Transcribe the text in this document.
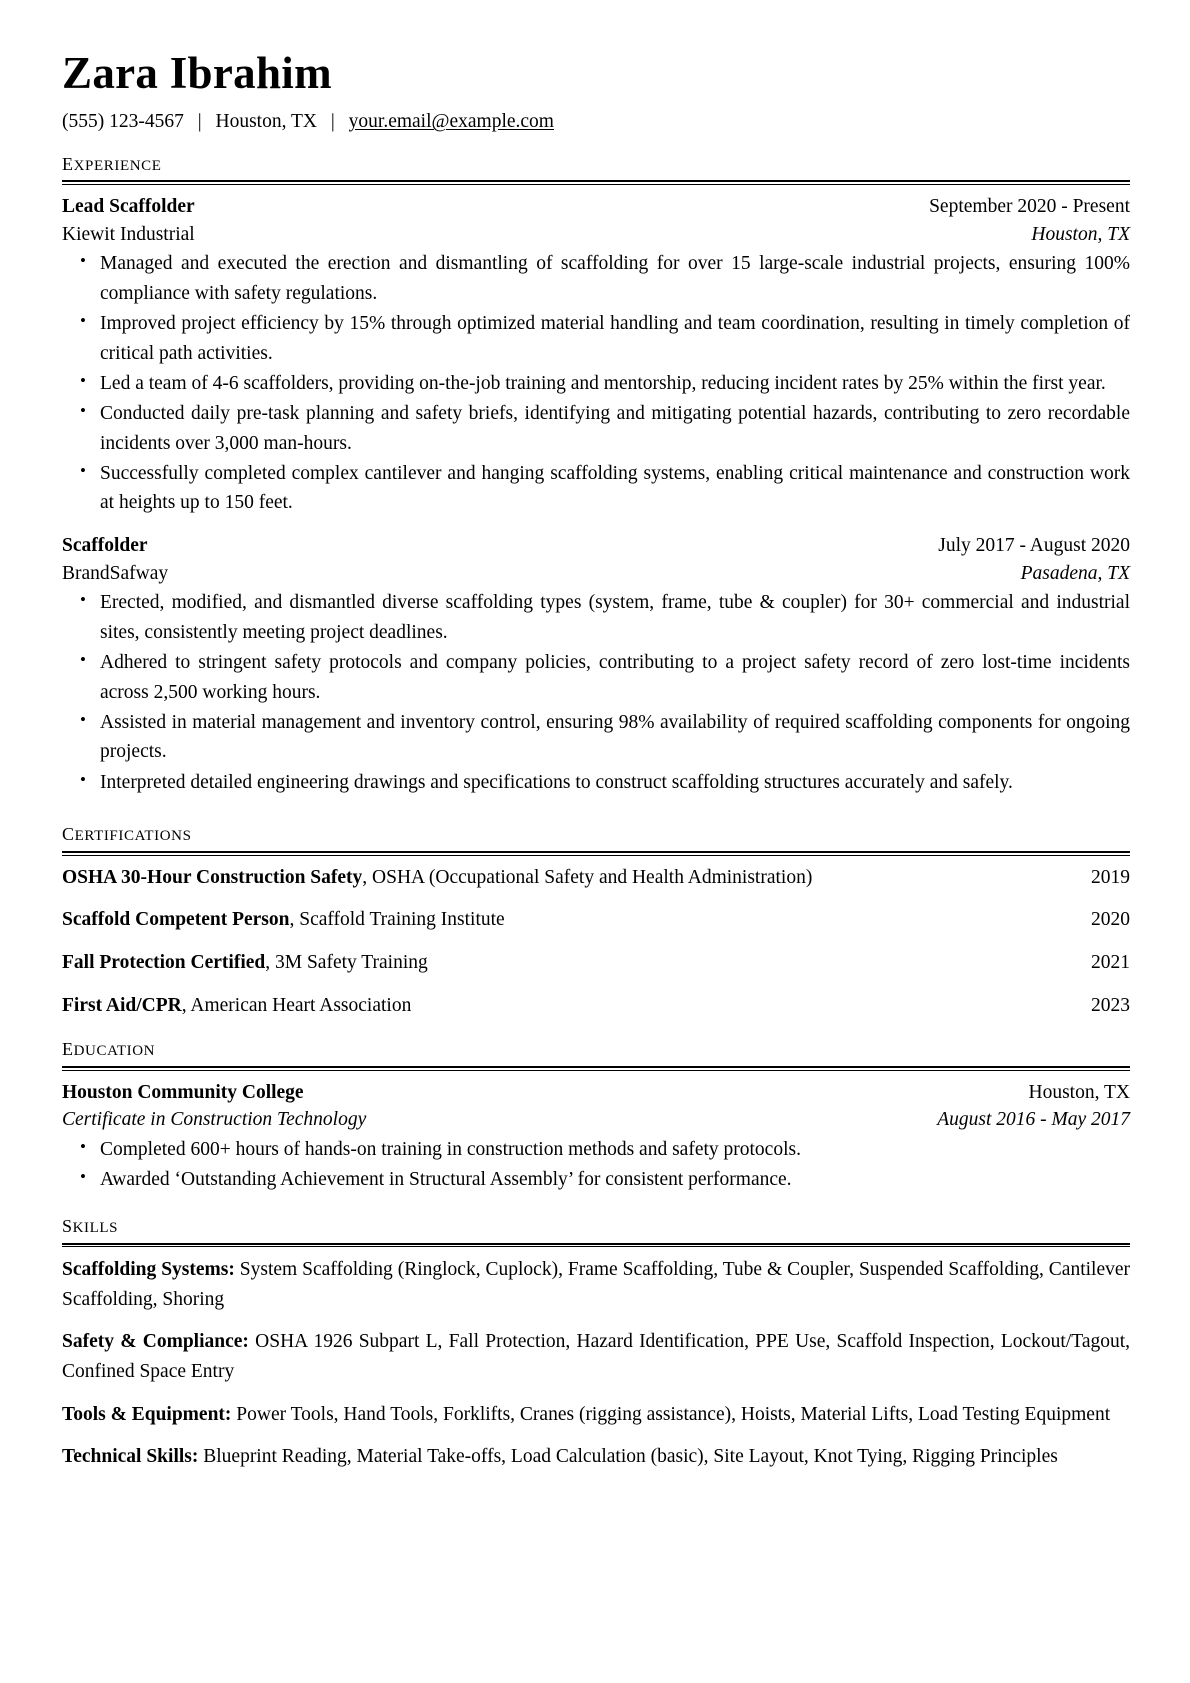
Zara Ibrahim
(555) 123-4567 | Houston, TX | your.email@example.com
experience
Lead Scaffolder	September 2020 - Present
Kiewit Industrial	Houston, TX
• Managed and executed the erection and dismantling of scaffolding for over 15 large-scale industrial projects, ensuring 100% compliance with safety regulations.
• Improved project efficiency by 15% through optimized material handling and team coordination, resulting in timely completion of critical path activities.
• Led a team of 4-6 scaffolders, providing on-the-job training and mentorship, reducing incident rates by 25% within the first year.
• Conducted daily pre-task planning and safety briefs, identifying and mitigating potential hazards, contributing to zero recordable incidents over 3,000 man-hours.
• Successfully completed complex cantilever and hanging scaffolding systems, enabling critical maintenance and construction work at heights up to 150 feet.
Scaffolder	July 2017 - August 2020
BrandSafway	Pasadena, TX
• Erected, modified, and dismantled diverse scaffolding types (system, frame, tube & coupler) for 30+ commercial and industrial sites, consistently meeting project deadlines.
• Adhered to stringent safety protocols and company policies, contributing to a project safety record of zero lost-time incidents across 2,500 working hours.
• Assisted in material management and inventory control, ensuring 98% availability of required scaffolding components for ongoing projects.
• Interpreted detailed engineering drawings and specifications to construct scaffolding structures accurately and safely.
certifications
OSHA 30-Hour Construction Safety, OSHA (Occupational Safety and Health Administration)	2019
Scaffold Competent Person, Scaffold Training Institute	2020
Fall Protection Certified, 3M Safety Training	2021
First Aid/CPR, American Heart Association	2023
education
Houston Community College	Houston, TX
Certificate in Construction Technology	August 2016 - May 2017
• Completed 600+ hours of hands-on training in construction methods and safety protocols.
• Awarded ‘Outstanding Achievement in Structural Assembly’ for consistent performance.
skills
Scaffolding Systems: System Scaffolding (Ringlock, Cuplock), Frame Scaffolding, Tube & Coupler, Suspended Scaffolding, Cantilever Scaffolding, Shoring
Safety & Compliance: OSHA 1926 Subpart L, Fall Protection, Hazard Identification, PPE Use, Scaffold Inspection, Lockout/Tagout, Confined Space Entry
Tools & Equipment: Power Tools, Hand Tools, Forklifts, Cranes (rigging assistance), Hoists, Material Lifts, Load Testing Equipment
Technical Skills: Blueprint Reading, Material Take-offs, Load Calculation (basic), Site Layout, Knot Tying, Rigging Principles
